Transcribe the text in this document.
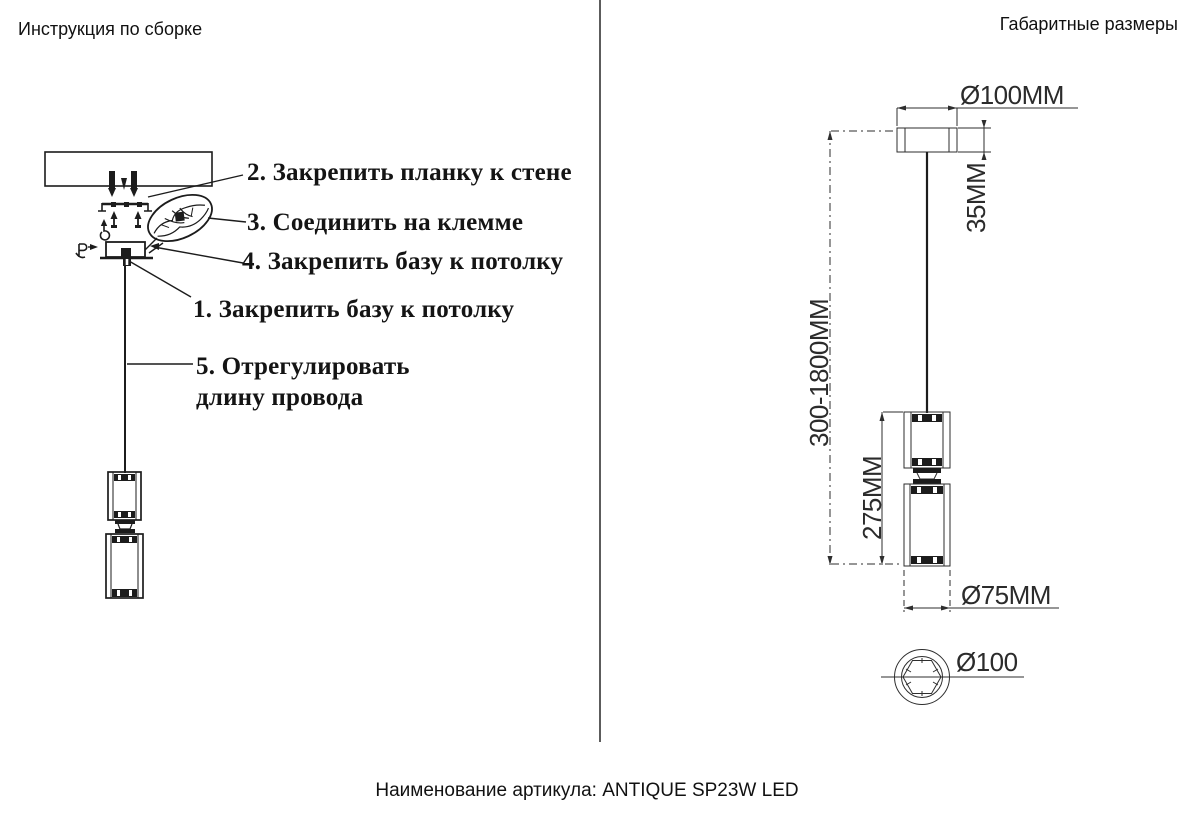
Инструкция по сборке	Габаритные размеры
2. Закрепить планку к стене
3. Соединить на клемме
4. Закрепить базу к потолку
1. Закрепить базу к потолку
5. Отрегулировать
длину провода
Ø100MM
35MM
300-1800MM
275MM
Ø75MM
Ø100
Наименование артикула: ANTIQUE SP23W LED
